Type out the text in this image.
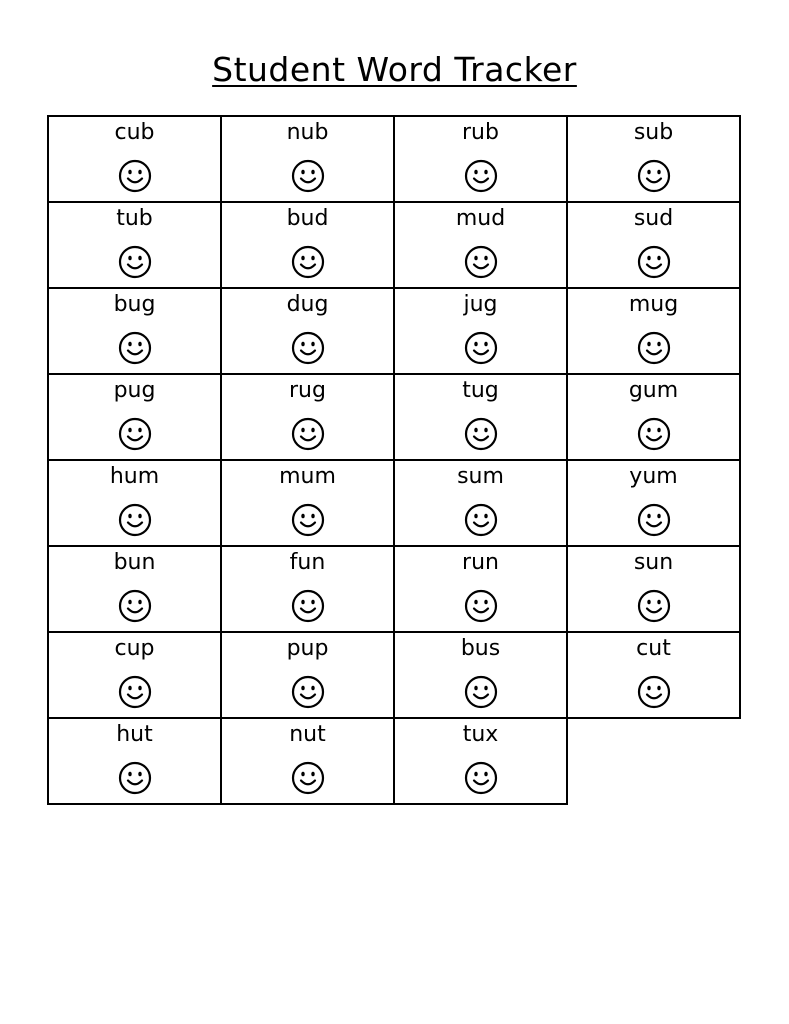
Student Word Tracker
cub	nub	rub	sub
tub	bud	mud	sud
bug	dug	jug	mug
pug	rug	tug	gum
hum	mum	sum	yum
bun	fun	run	sun
cup	pup	bus	cut
hut	nut	tux
